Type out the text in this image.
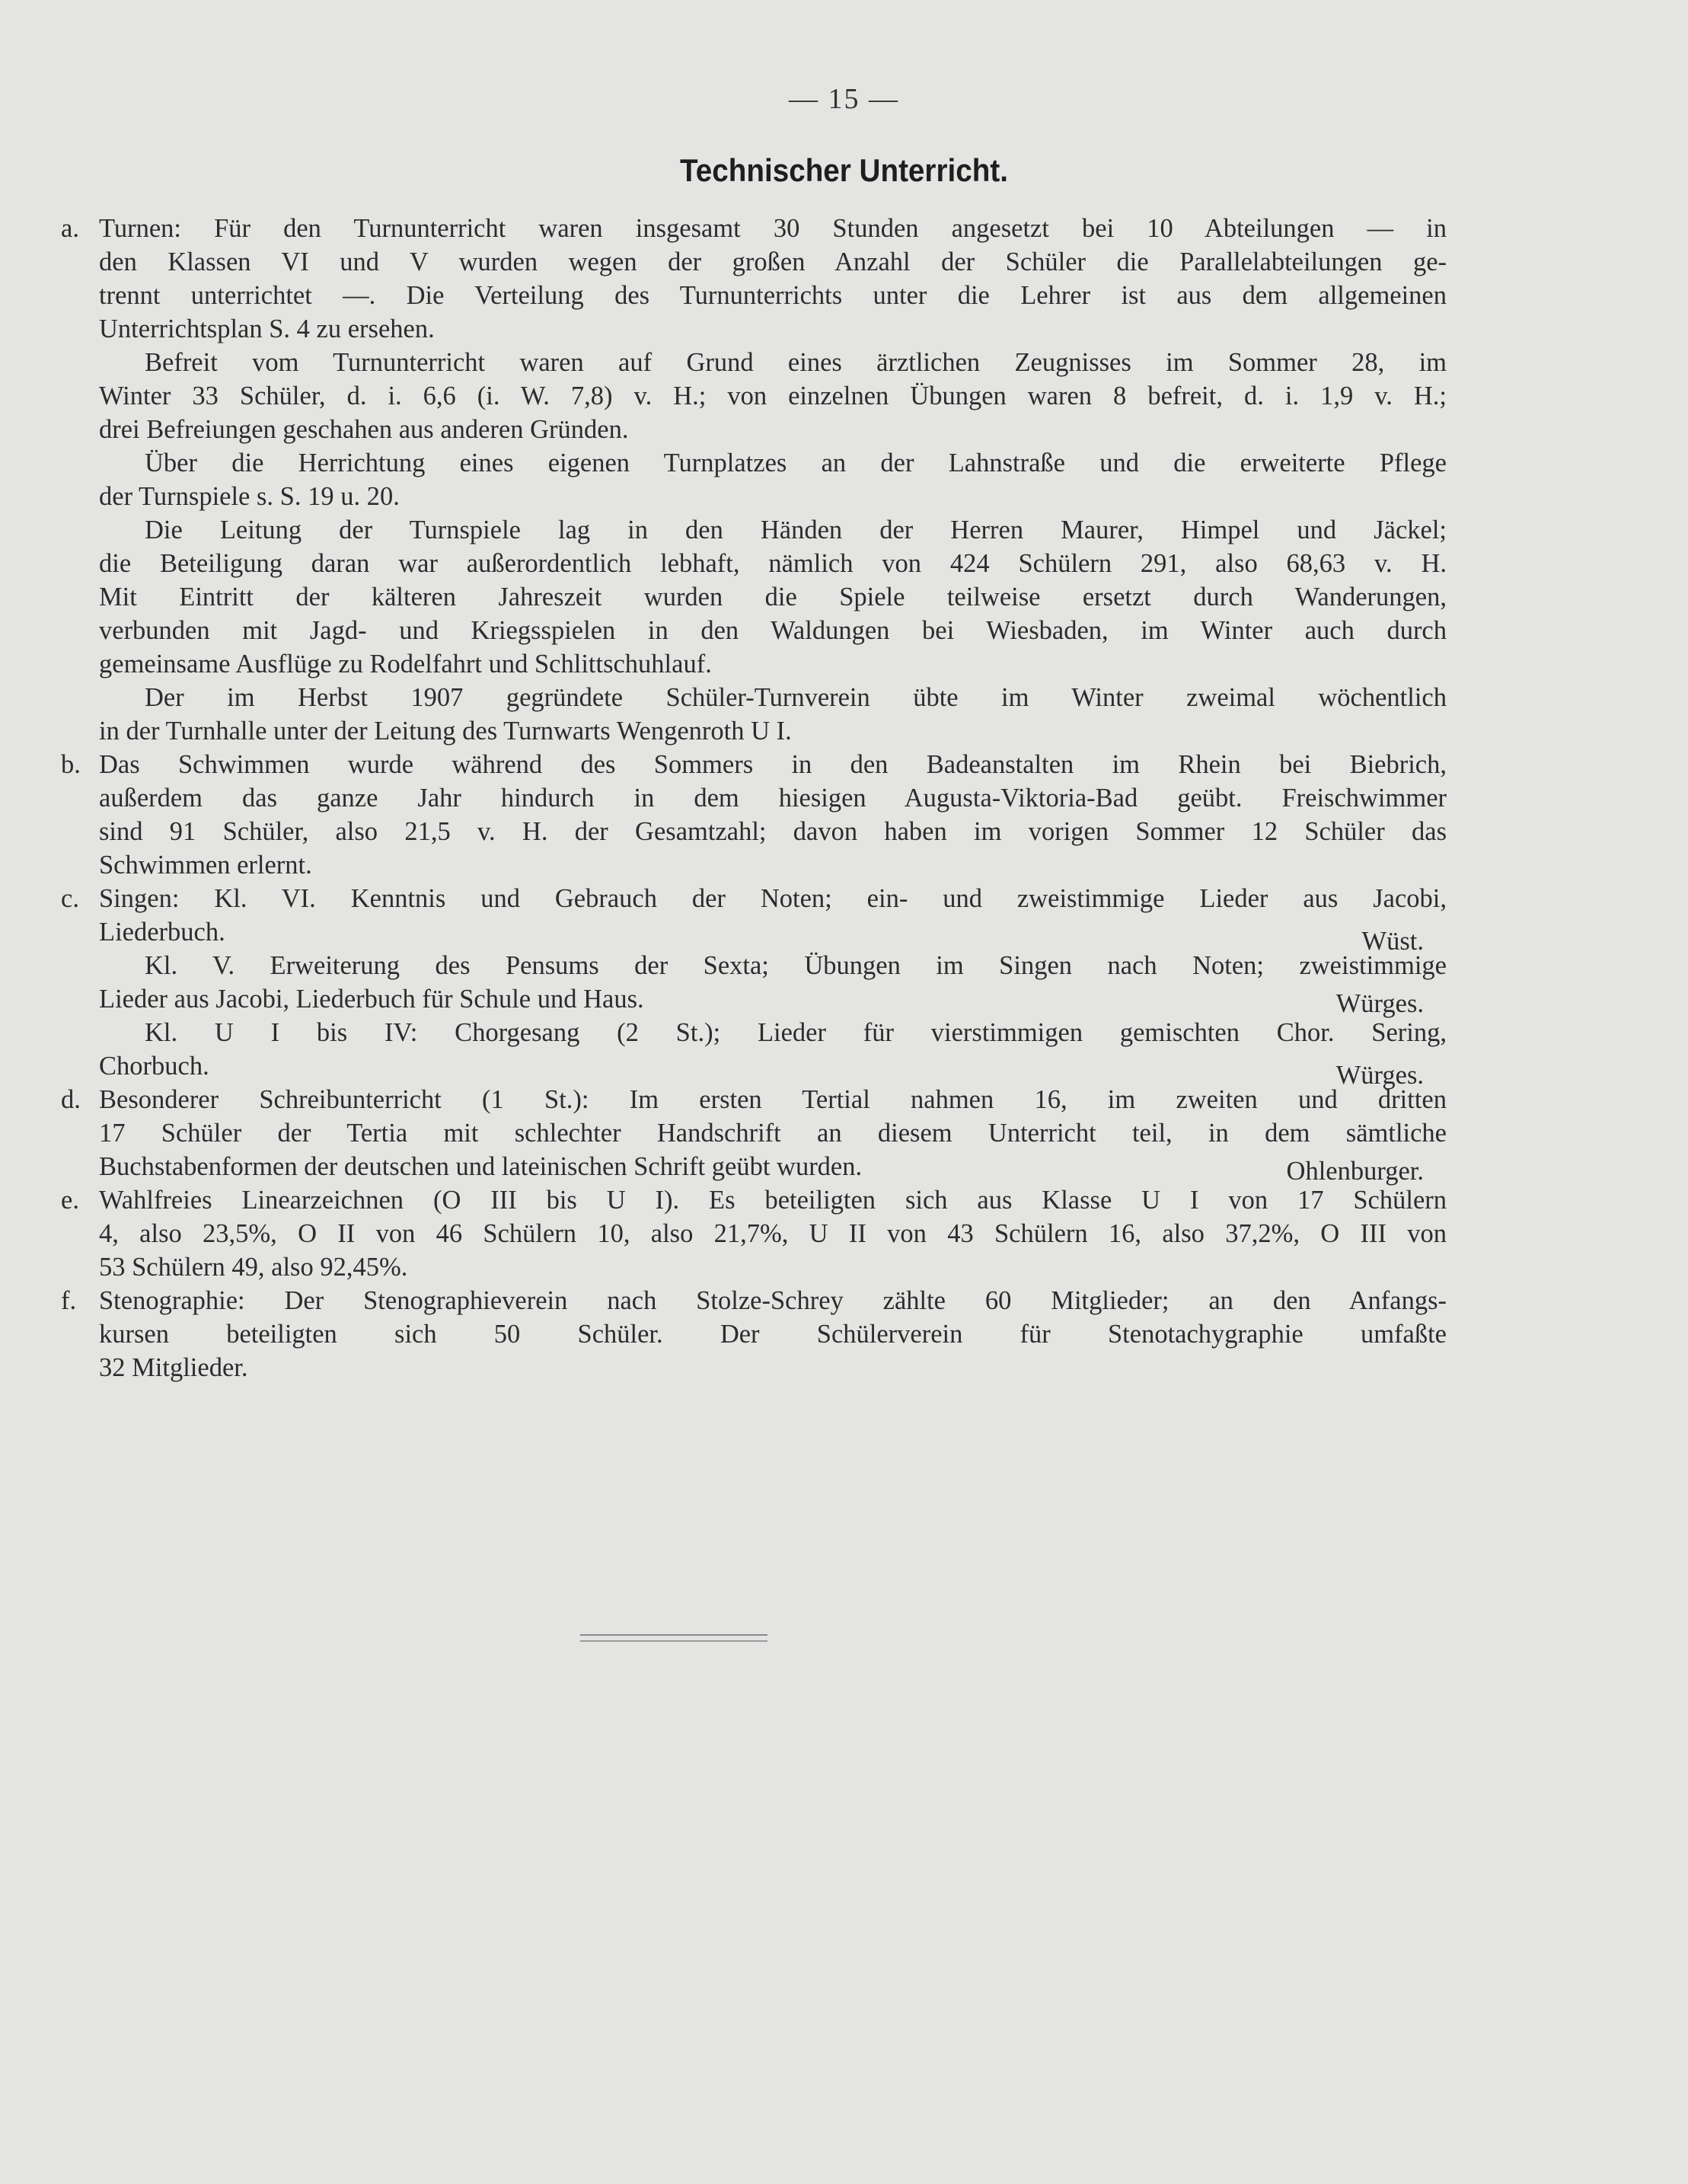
— 15 —
Technischer Unterricht.
a. Turnen: Für den Turnunterricht waren insgesamt 30 Stunden angesetzt bei 10 Abteilungen — in
den Klassen VI und V wurden wegen der großen Anzahl der Schüler die Parallelabteilungen ge-
trennt unterrichtet —. Die Verteilung des Turnunterrichts unter die Lehrer ist aus dem allgemeinen
Unterrichtsplan S. 4 zu ersehen.
Befreit vom Turnunterricht waren auf Grund eines ärztlichen Zeugnisses im Sommer 28, im
Winter 33 Schüler, d. i. 6,6 (i. W. 7,8) v. H.; von einzelnen Übungen waren 8 befreit, d. i. 1,9 v. H.;
drei Befreiungen geschahen aus anderen Gründen.
Über die Herrichtung eines eigenen Turnplatzes an der Lahnstraße und die erweiterte Pflege
der Turnspiele s. S. 19 u. 20.
Die Leitung der Turnspiele lag in den Händen der Herren Maurer, Himpel und Jäckel;
die Beteiligung daran war außerordentlich lebhaft, nämlich von 424 Schülern 291, also 68,63 v. H.
Mit Eintritt der kälteren Jahreszeit wurden die Spiele teilweise ersetzt durch Wanderungen,
verbunden mit Jagd- und Kriegsspielen in den Waldungen bei Wiesbaden, im Winter auch durch
gemeinsame Ausflüge zu Rodelfahrt und Schlittschuhlauf.
Der im Herbst 1907 gegründete Schüler-Turnverein übte im Winter zweimal wöchentlich
in der Turnhalle unter der Leitung des Turnwarts Wengenroth U I.
b. Das Schwimmen wurde während des Sommers in den Badeanstalten im Rhein bei Biebrich,
außerdem das ganze Jahr hindurch in dem hiesigen Augusta-Viktoria-Bad geübt. Freischwimmer
sind 91 Schüler, also 21,5 v. H. der Gesamtzahl; davon haben im vorigen Sommer 12 Schüler das
Schwimmen erlernt.
c. Singen: Kl. VI. Kenntnis und Gebrauch der Noten; ein- und zweistimmige Lieder aus Jacobi,
Liederbuch.	Wüst.
Kl. V. Erweiterung des Pensums der Sexta; Übungen im Singen nach Noten; zweistimmige
Lieder aus Jacobi, Liederbuch für Schule und Haus.	Würges.
Kl. U I bis IV: Chorgesang (2 St.); Lieder für vierstimmigen gemischten Chor. Sering,
Chorbuch.	Würges.
d. Besonderer Schreibunterricht (1 St.): Im ersten Tertial nahmen 16, im zweiten und dritten
17 Schüler der Tertia mit schlechter Handschrift an diesem Unterricht teil, in dem sämtliche
Buchstabenformen der deutschen und lateinischen Schrift geübt wurden.	Ohlenburger.
e. Wahlfreies Linearzeichnen (O III bis U I). Es beteiligten sich aus Klasse U I von 17 Schülern
4, also 23,5%, O II von 46 Schülern 10, also 21,7%, U II von 43 Schülern 16, also 37,2%, O III von
53 Schülern 49, also 92,45%.
f. Stenographie: Der Stenographieverein nach Stolze-Schrey zählte 60 Mitglieder; an den Anfangs-
kursen beteiligten sich 50 Schüler. Der Schülerverein für Stenotachygraphie umfaßte
32 Mitglieder.
